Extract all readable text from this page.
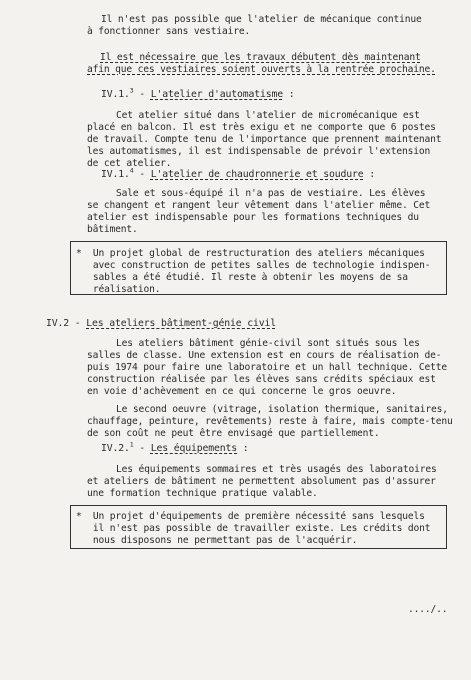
Il n'est pas possible que l'atelier de mécanique continue
à fonctionner sans vestiaire.
Il est nécessaire que les travaux débutent dès maintenant
afin que ces vestiaires soient ouverts à la rentrée prochaine.
IV.1.$^3$ - L'atelier d'automatisme :
Cet atelier situé dans l'atelier de micromécanique est
placé en balcon. Il est très exigu et ne comporte que 6 postes
de travail. Compte tenu de l'importance que prennent maintenant
les automatismes, il est indispensable de prévoir l'extension
de cet atelier.
IV.1.$^4$ - L'atelier de chaudronnerie et soudure :
Sale et sous-équipé il n'a pas de vestiaire. Les élèves
se changent et rangent leur vêtement dans l'atelier même. Cet
atelier est indispensable pour les formations techniques du
bâtiment.
*  Un projet global de restructuration des ateliers mécaniques
avec construction de petites salles de technologie indispen-
sables a été étudié. Il reste à obtenir les moyens de sa
réalisation.
IV.2 - Les ateliers bâtiment-génie civil
Les ateliers bâtiment génie-civil sont situés sous les
salles de classe. Une extension est en cours de réalisation de-
puis 1974 pour faire une laboratoire et un hall technique. Cette
construction réalisée par les élèves sans crédits spéciaux est
en voie d'achèvement en ce qui concerne le gros oeuvre.
Le second oeuvre (vitrage, isolation thermique, sanitaires,
chauffage, peinture, revêtements) reste à faire, mais compte-tenu
de son coût ne peut être envisagé que partiellement.
IV.2.$^1$ - Les équipements :
Les équipements sommaires et très usagés des laboratoires
et ateliers de bâtiment ne permettent absolument pas d'assurer
une formation technique pratique valable.
*  Un projet d'équipements de première nécessité sans lesquels
il n'est pas possible de travailler existe. Les crédits dont
nous disposons ne permettant pas de l'acquérir.
..../..
